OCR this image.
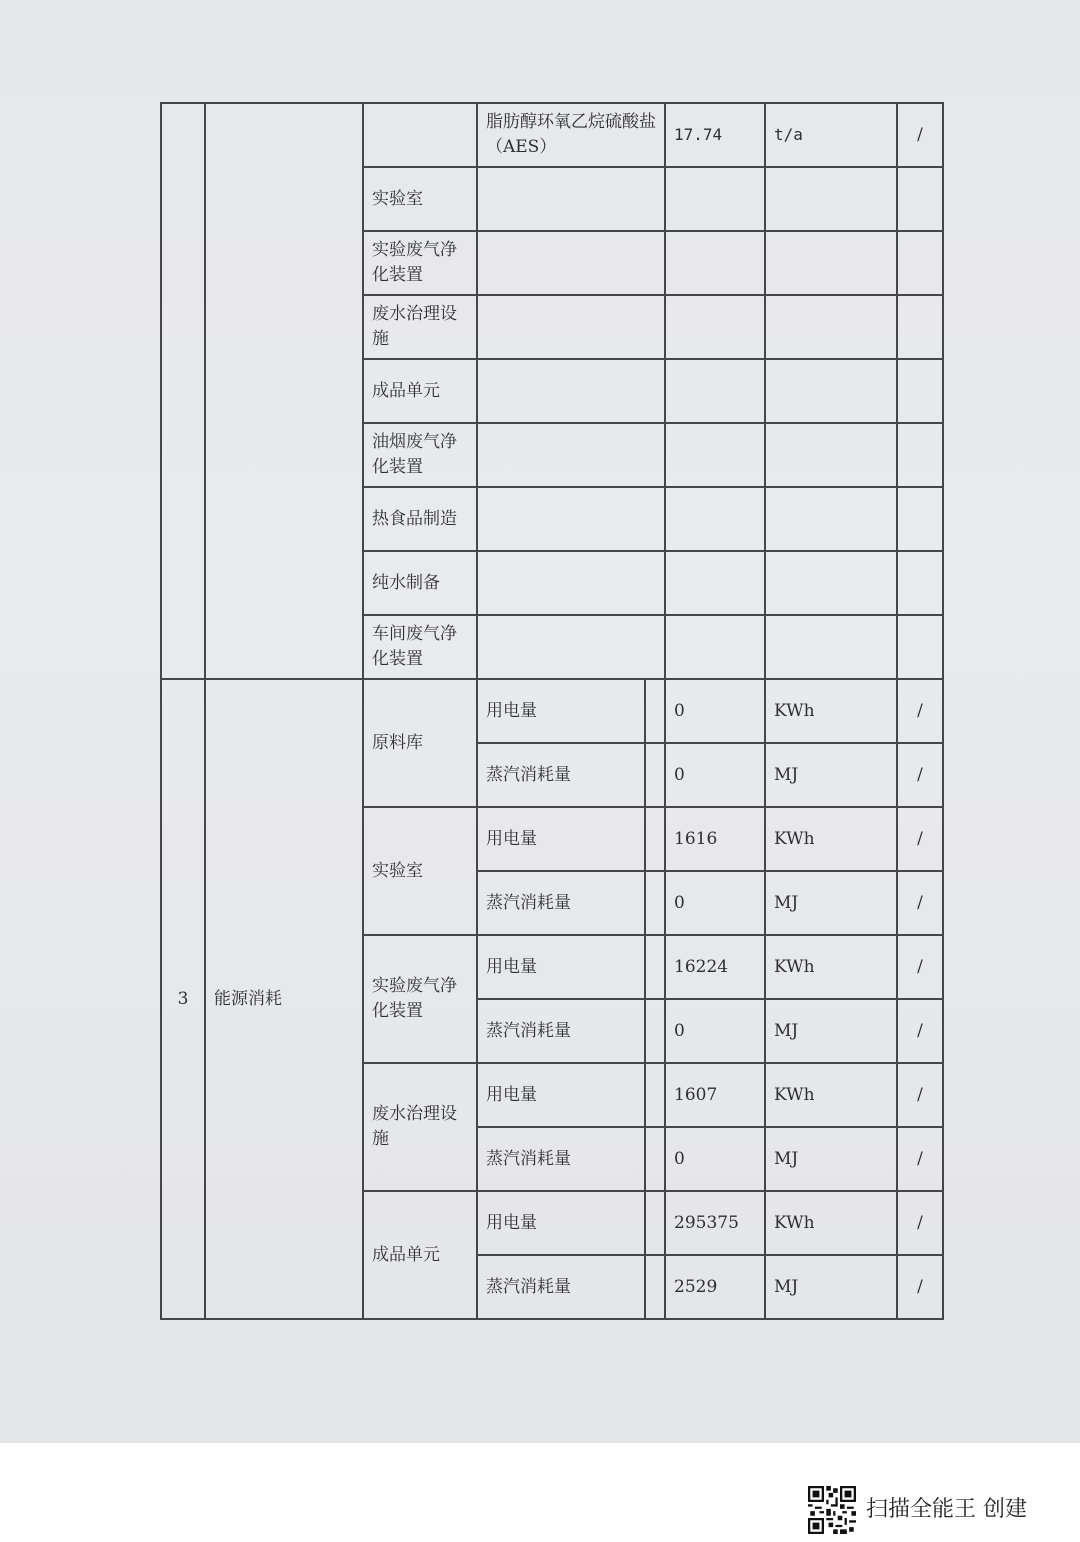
			脂肪醇环氧乙烷硫酸盐（AES）	17.74	t/a	/
		实验室				
		实验废气净化装置				
		废水治理设施				
		成品单元				
		油烟废气净化装置				
		热食品制造				
		纯水制备				
		车间废气净化装置				
3	能源消耗	原料库	用电量	0	KWh	/
			蒸汽消耗量	0	MJ	/
		实验室	用电量	1616	KWh	/
			蒸汽消耗量	0	MJ	/
		实验废气净化装置	用电量	16224	KWh	/
			蒸汽消耗量	0	MJ	/
		废水治理设施	用电量	1607	KWh	/
			蒸汽消耗量	0	MJ	/
		成品单元	用电量	295375	KWh	/
			蒸汽消耗量	2529	MJ	/
扫描全能王 创建
